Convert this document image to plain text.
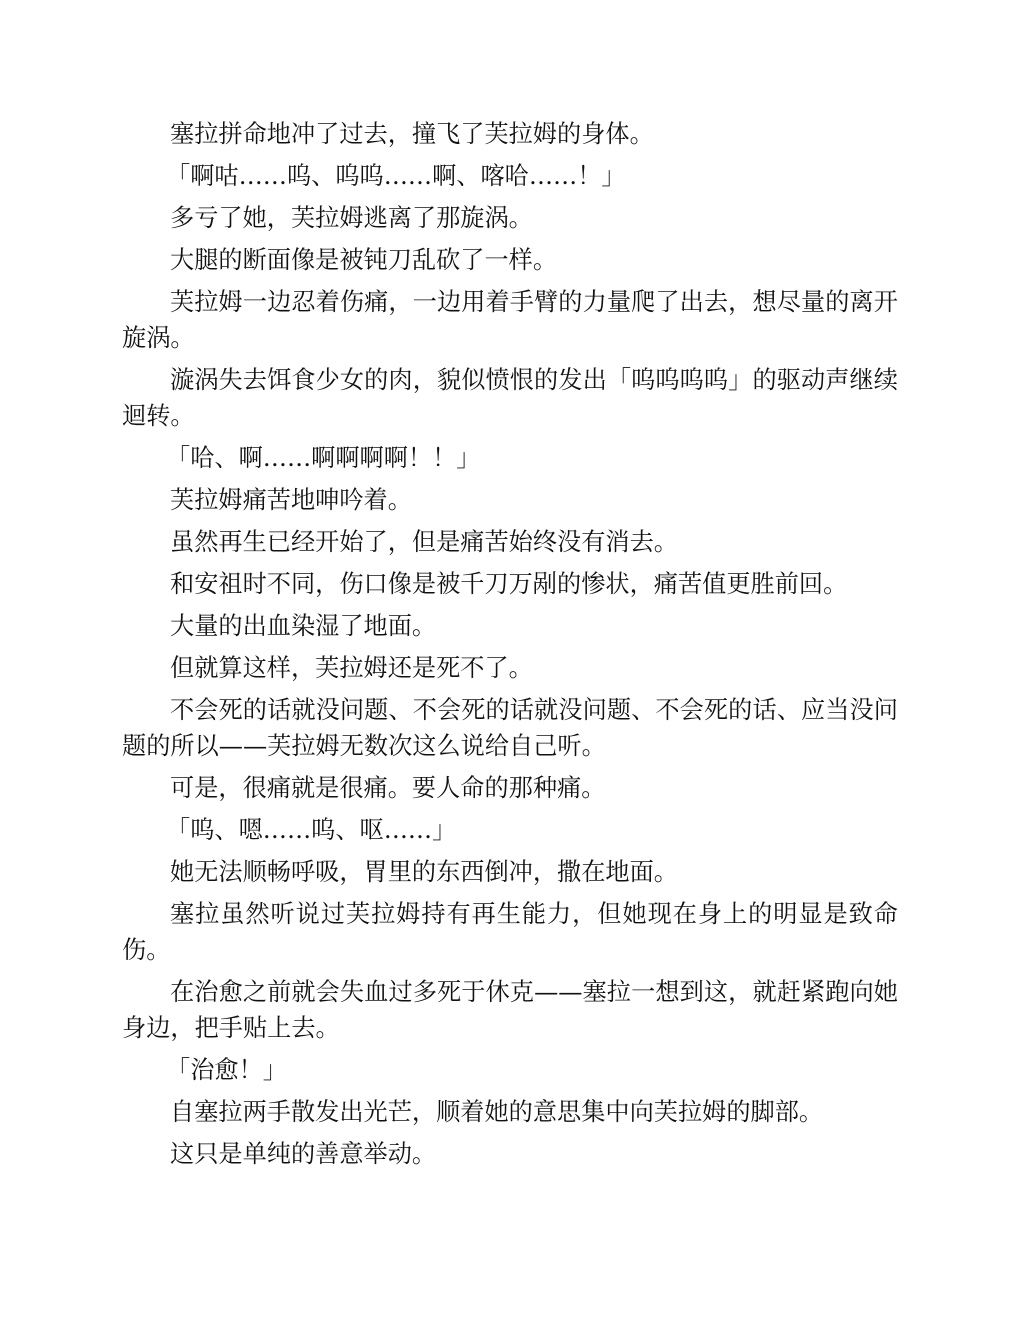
塞拉拼命地冲了过去，撞飞了芙拉姆的身体。

「啊咕……呜、呜呜……啊、喀哈……！」

多亏了她，芙拉姆逃离了那旋涡。

大腿的断面像是被钝刀乱砍了一样。

芙拉姆一边忍着伤痛，一边用着手臂的力量爬了出去，想尽量的离开旋涡。

漩涡失去饵食少女的肉，貌似愤恨的发出「呜呜呜呜」的驱动声继续迴转。

「哈、啊……啊啊啊啊！！」

芙拉姆痛苦地呻吟着。

虽然再生已经开始了，但是痛苦始终没有消去。

和安祖时不同，伤口像是被千刀万剐的惨状，痛苦值更胜前回。

大量的出血染湿了地面。

但就算这样，芙拉姆还是死不了。

不会死的话就没问题、不会死的话就没问题、不会死的话、应当没问题的所以——芙拉姆无数次这么说给自己听。

可是，很痛就是很痛。要人命的那种痛。

「呜、嗯……呜、呕……」

她无法顺畅呼吸，胃里的东西倒冲，撒在地面。

塞拉虽然听说过芙拉姆持有再生能力，但她现在身上的明显是致命伤。

在治愈之前就会失血过多死于休克——塞拉一想到这，就赶紧跑向她身边，把手贴上去。

「治愈！」

自塞拉两手散发出光芒，顺着她的意思集中向芙拉姆的脚部。

这只是单纯的善意举动。
